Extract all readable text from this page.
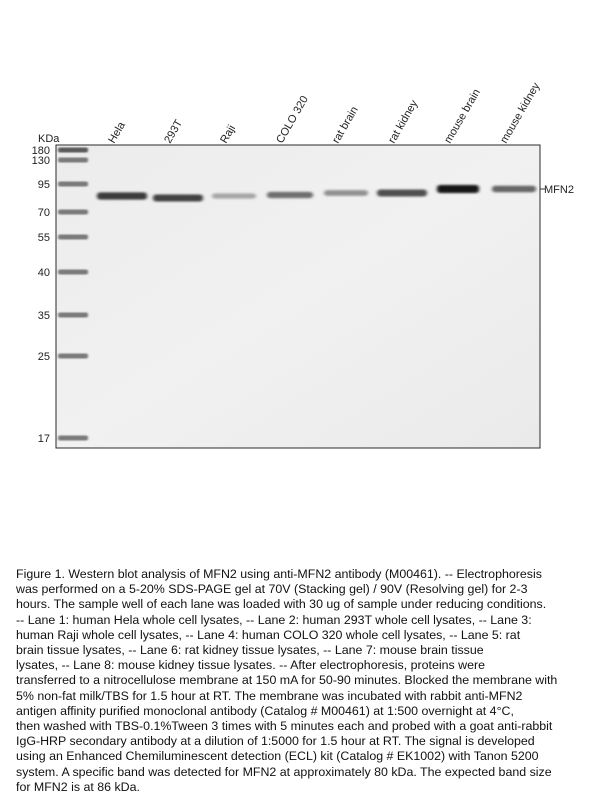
KDa
180
130
95
70
55
40
35
25
17
Hela	293T	Raji	COLO 320 rat brain rat kidney mouse brain mouse kidney
MFN2
Figure 1. Western blot analysis of MFN2 using anti-MFN2 antibody (M00461). -- Electrophoresis
was performed on a 5-20% SDS-PAGE gel at 70V (Stacking gel) / 90V (Resolving gel) for 2-3
hours. The sample well of each lane was loaded with 30 ug of sample under reducing conditions.
-- Lane 1: human Hela whole cell lysates, -- Lane 2: human 293T whole cell lysates, -- Lane 3:
human Raji whole cell lysates, -- Lane 4: human COLO 320 whole cell lysates, -- Lane 5: rat
brain tissue lysates, -- Lane 6: rat kidney tissue lysates, -- Lane 7: mouse brain tissue
lysates, -- Lane 8: mouse kidney tissue lysates. -- After electrophoresis, proteins were
transferred to a nitrocellulose membrane at 150 mA for 50-90 minutes. Blocked the membrane with
5% non-fat milk/TBS for 1.5 hour at RT. The membrane was incubated with rabbit anti-MFN2
antigen affinity purified monoclonal antibody (Catalog # M00461) at 1:500 overnight at 4°C,
then washed with TBS-0.1%Tween 3 times with 5 minutes each and probed with a goat anti-rabbit
IgG-HRP secondary antibody at a dilution of 1:5000 for 1.5 hour at RT. The signal is developed
using an Enhanced Chemiluminescent detection (ECL) kit (Catalog # EK1002) with Tanon 5200
system. A specific band was detected for MFN2 at approximately 80 kDa. The expected band size
for MFN2 is at 86 kDa.
